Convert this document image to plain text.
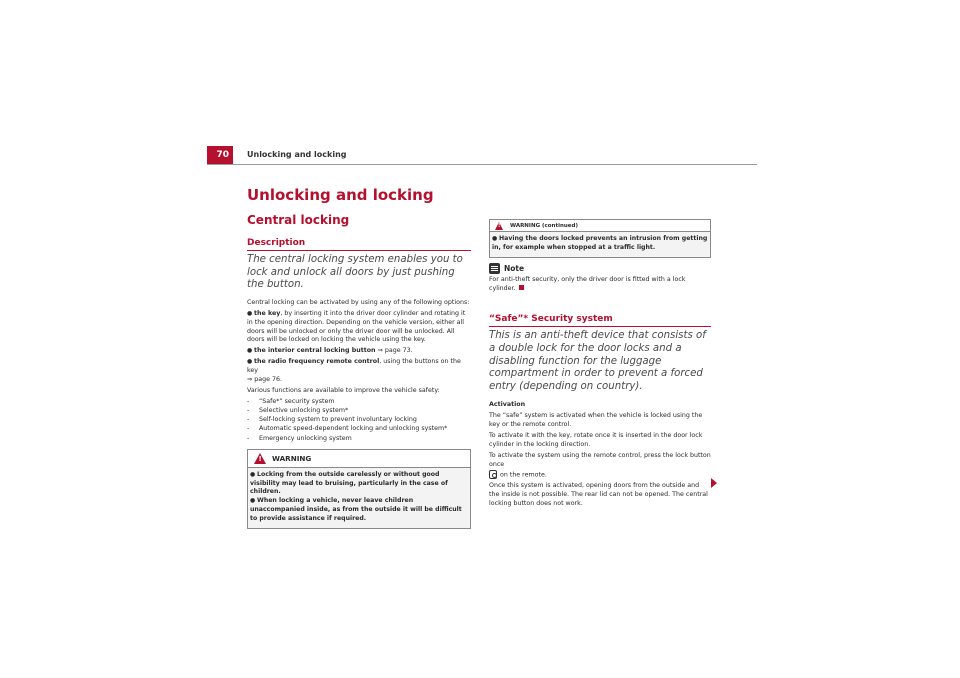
70	Unlocking and locking
Unlocking and locking
Central locking
Description
The central locking system enables you to lock and unlock all doors by just pushing the button.
Central locking can be activated by using any of the following options:
● the key, by inserting it into the driver door cylinder and rotating it in the opening direction. Depending on the vehicle version, either all doors will be unlocked or only the driver door will be unlocked. All doors will be locked on locking the vehicle using the key.
● the interior central locking button ⇒ page 73.
● the radio frequency remote control, using the buttons on the key
⇒ page 76.
Various functions are available to improve the vehicle safety:
- “Safe*” security system
- Selective unlocking system*
- Self-locking system to prevent involuntary locking
- Automatic speed-dependent locking and unlocking system*
- Emergency unlocking system
!
WARNING
● Locking from the outside carelessly or without good visibility may lead to bruising, particularly in the case of children.
● When locking a vehicle, never leave children unaccompanied inside, as from the outside it will be difficult to provide assistance if required.
!
WARNING (continued)
● Having the doors locked prevents an intrusion from getting in, for example when stopped at a traffic light.
Note
For anti-theft security, only the driver door is fitted with a lock cylinder.
“Safe”* Security system
This is an anti-theft device that consists of a double lock for the door locks and a disabling function for the luggage compartment in order to prevent a forced entry (depending on country).
Activation
The “safe” system is activated when the vehicle is locked using the key or the remote control.
To activate it with the key, rotate once it is inserted in the door lock cylinder in the locking direction.
To activate the system using the remote control, press the lock button once
on the remote.
Once this system is activated, opening doors from the outside and the inside is not possible. The rear lid can not be opened. The central locking button does not work.
